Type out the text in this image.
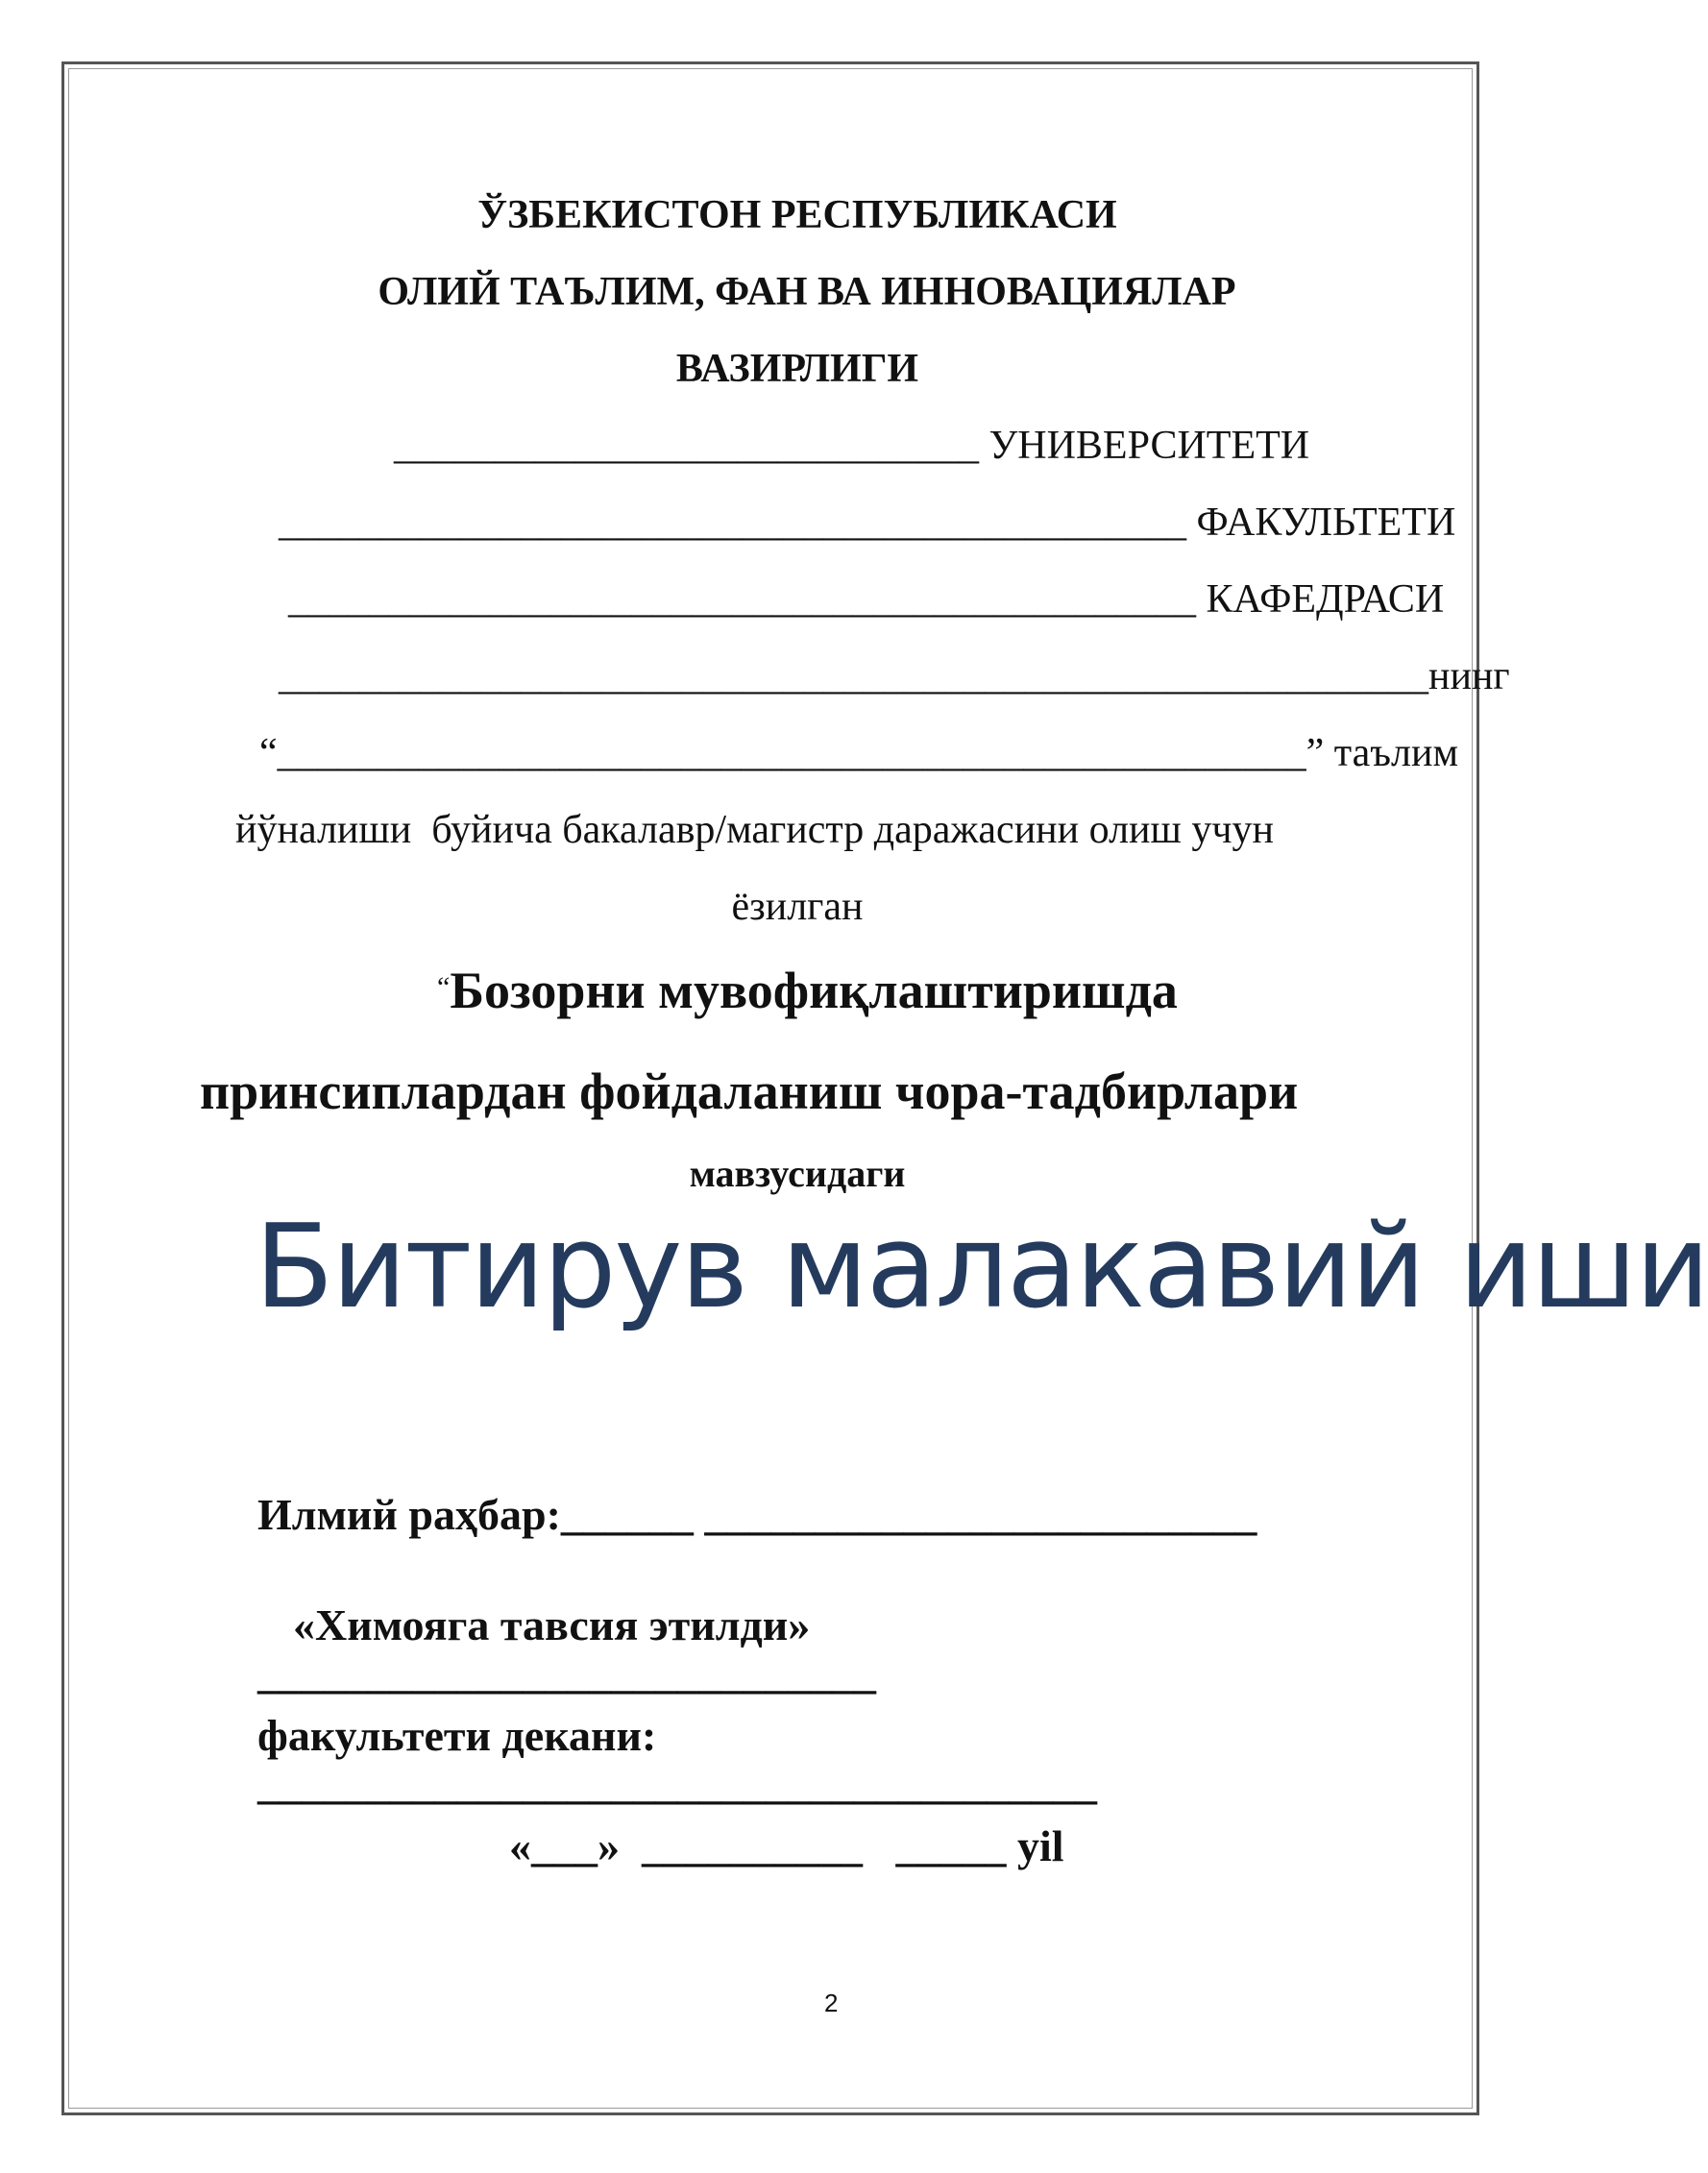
ЎЗБЕКИСТОН РЕСПУБЛИКАСИ
ОЛИЙ ТАЪЛИМ, ФАН ВА ИННОВАЦИЯЛАР
ВАЗИРЛИГИ
_____________________________ УНИВЕРСИТЕТИ
_____________________________________________ ФАКУЛЬТЕТИ
_____________________________________________ КАФЕДРАСИ
_________________________________________________________нинг
“___________________________________________________” таълим
йўналиши  буйича бакалавр/магистр даражасини олиш учун
ёзилган
“Бозорни мувофиқлаштиришда
принсиплардан фойдаланиш чора-тадбирлари
мавзусидаги
Битирув малакавий иши
Илмий раҳбар:______ _________________________
«Химояга тавсия этилди»
____________________________
факультети декани:
______________________________________
«___»  __________   _____ yil
2
